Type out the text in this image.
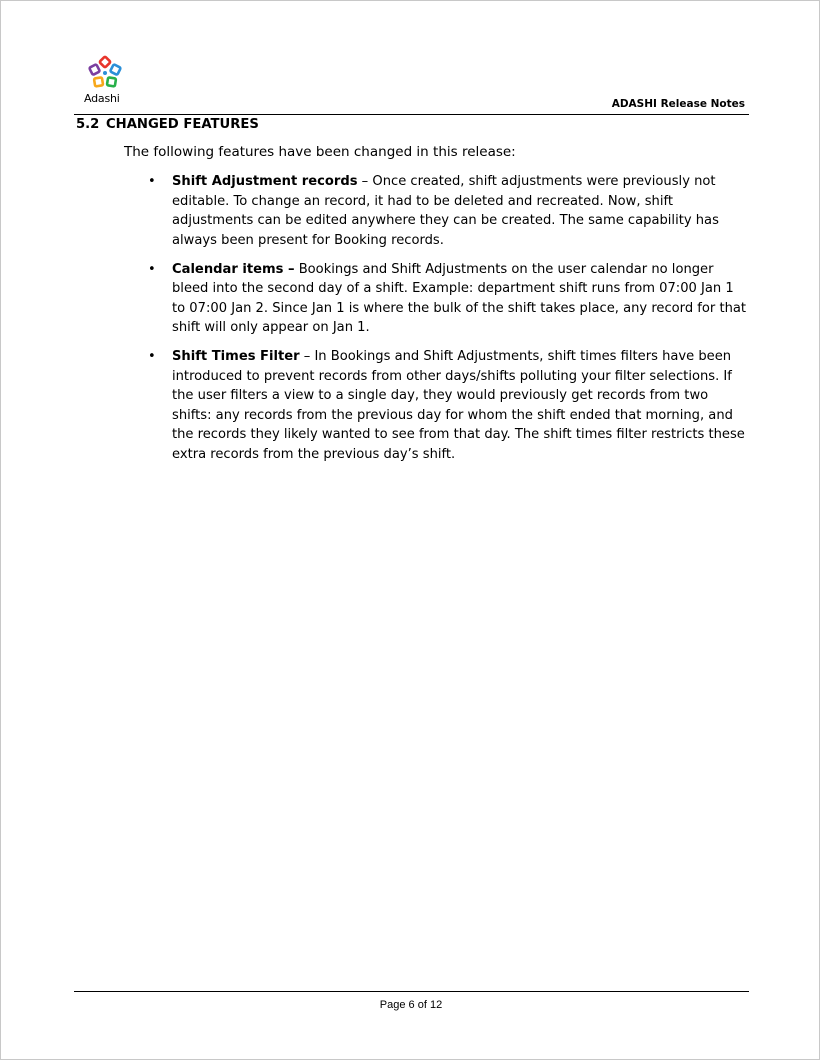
Adashi	ADASHI Release Notes
5.2 CHANGED FEATURES
The following features have been changed in this release:
• Shift Adjustment records – Once created, shift adjustments were previously not editable. To change an record, it had to be deleted and recreated. Now, shift adjustments can be edited anywhere they can be created. The same capability has always been present for Booking records.
• Calendar items – Bookings and Shift Adjustments on the user calendar no longer bleed into the second day of a shift. Example: department shift runs from 07:00 Jan 1 to 07:00 Jan 2. Since Jan 1 is where the bulk of the shift takes place, any record for that shift will only appear on Jan 1.
• Shift Times Filter – In Bookings and Shift Adjustments, shift times filters have been introduced to prevent records from other days/shifts polluting your filter selections. If the user filters a view to a single day, they would previously get records from two shifts: any records from the previous day for whom the shift ended that morning, and the records they likely wanted to see from that day. The shift times filter restricts these extra records from the previous day’s shift.
Page 6 of 12
